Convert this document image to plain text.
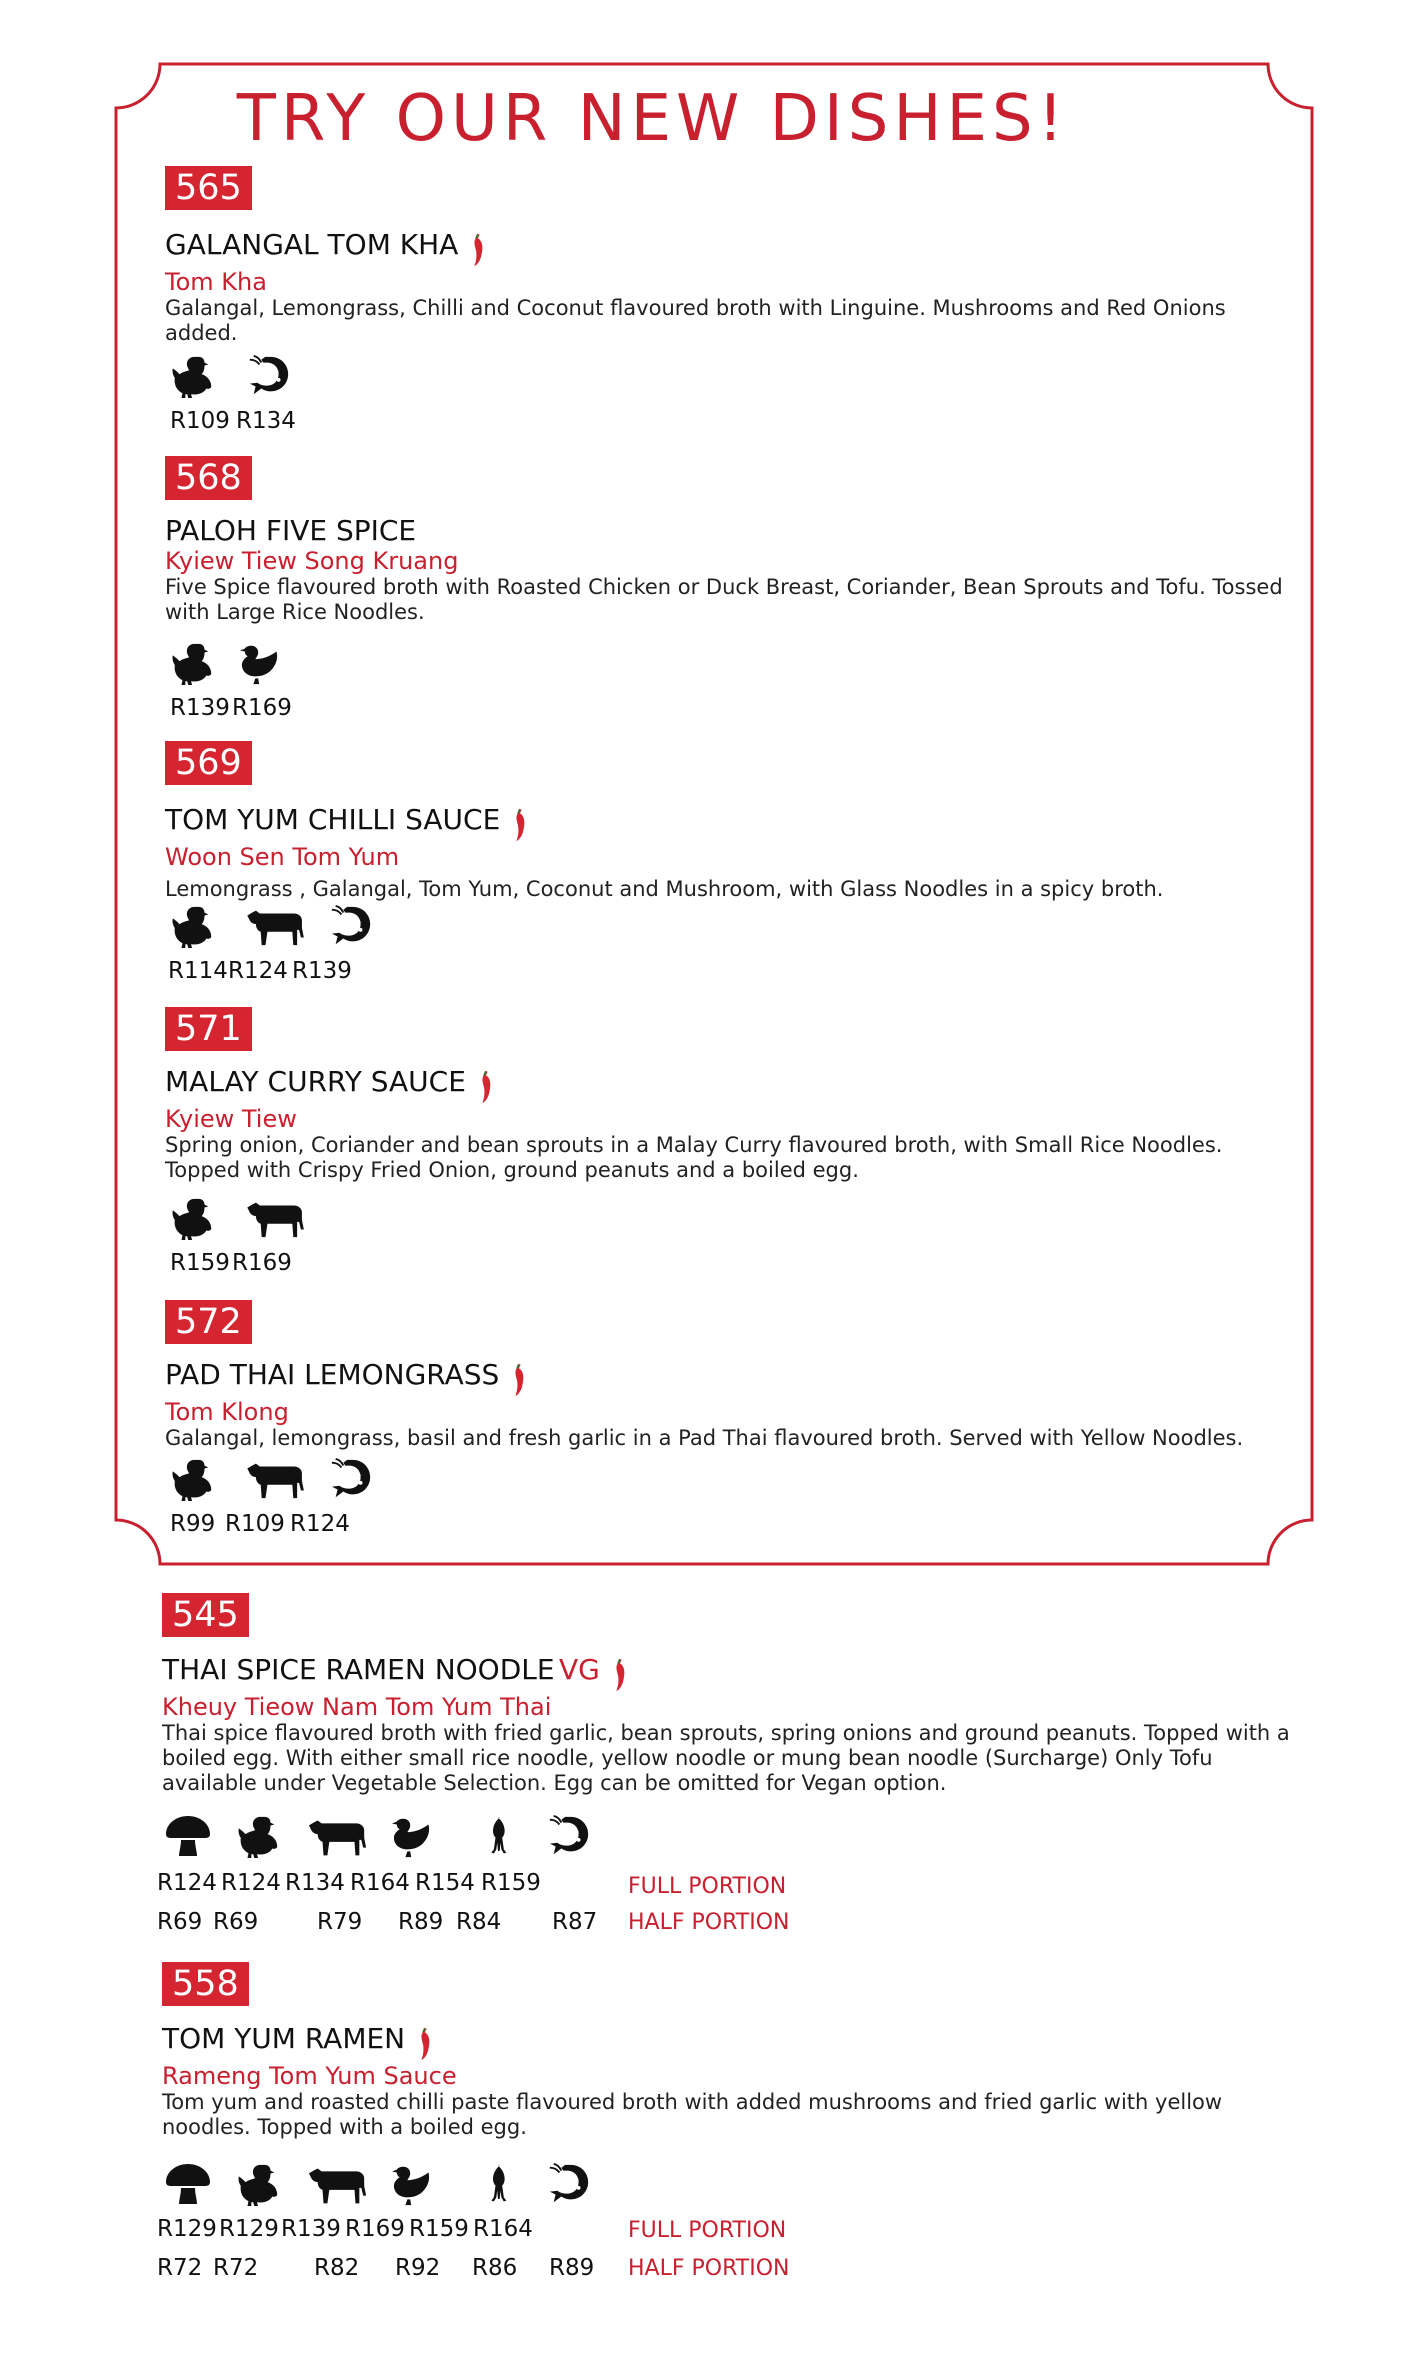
TRY OUR NEW DISHES!
565
GALANGAL TOM KHA
Tom Kha
Galangal, Lemongrass, Chilli and Coconut flavoured broth with Linguine. Mushrooms and Red Onions added.
R109 R134
568
PALOH FIVE SPICE
Kyiew Tiew Song Kruang
Five Spice flavoured broth with Roasted Chicken or Duck Breast, Coriander, Bean Sprouts and Tofu. Tossed with Large Rice Noodles.
R139 R169
569
TOM YUM CHILLI SAUCE
Woon Sen Tom Yum
Lemongrass , Galangal, Tom Yum, Coconut and Mushroom, with Glass Noodles in a spicy broth.
R114 R124 R139
571
MALAY CURRY SAUCE
Kyiew Tiew
Spring onion, Coriander and bean sprouts in a Malay Curry flavoured broth, with Small Rice Noodles. Topped with Crispy Fried Onion, ground peanuts and a boiled egg.
R159 R169
572
PAD THAI LEMONGRASS
Tom Klong
Galangal, lemongrass, basil and fresh garlic in a Pad Thai flavoured broth. Served with Yellow Noodles.
R99 R109 R124
545
THAI SPICE RAMEN NOODLE VG
Kheuy Tieow Nam Tom Yum Thai
Thai spice flavoured broth with fried garlic, bean sprouts, spring onions and ground peanuts. Topped with a boiled egg. With either small rice noodle, yellow noodle or mung bean noodle (Surcharge) Only Tofu available under Vegetable Selection. Egg can be omitted for Vegan option.
R124 R124 R134 R164 R154 R159	FULL PORTION
R69 R69	R79 R89 R84 R87 HALF PORTION
558
TOM YUM RAMEN
Rameng Tom Yum Sauce
Tom yum and roasted chilli paste flavoured broth with added mushrooms and fried garlic with yellow noodles. Topped with a boiled egg.
R129 R129 R139 R169 R159 R164	FULL PORTION
R72 R72 R82 R92 R86 R89 HALF PORTION
